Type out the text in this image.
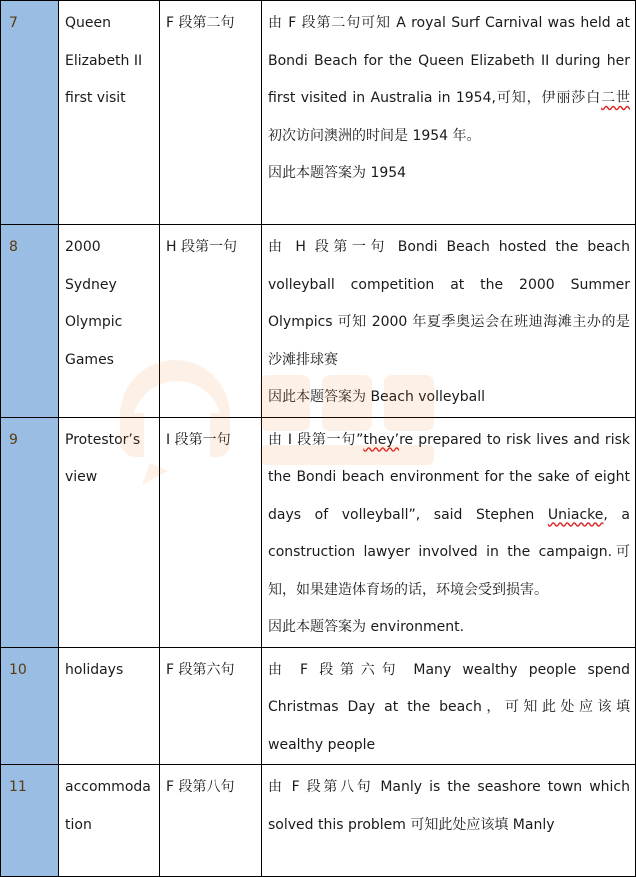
7	Queen Elizabeth II first visit	F 段第二句	由 F 段第二句可知 A royal Surf Carnival was held at Bondi Beach for the Queen Elizabeth II during her first visited in Australia in 1954,可知，伊丽莎白二世初次访问澳洲的时间是 1954 年。
因此本题答案为 1954

8	2000 Sydney Olympic Games	H 段第一句	由 H 段第一句 Bondi Beach hosted the beach volleyball competition at the 2000 Summer Olympics 可知 2000 年夏季奥运会在班迪海滩主办的是沙滩排球赛
因此本题答案为 Beach volleyball

9	Protestor’s view	I 段第一句	由 I 段第一句”they’re prepared to risk lives and risk the Bondi beach environment for the sake of eight days of volleyball”, said Stephen Uniacke, a construction lawyer involved in the campaign.可知，如果建造体育场的话，环境会受到损害。
因此本题答案为 environment.

10	holidays	F 段第六句	由 F 段第六句 Many wealthy people spend Christmas Day at the beach，可知此处应该填 wealthy people

11	accommodation	F 段第八句	由 F 段第八句 Manly is the seashore town which solved this problem 可知此处应该填 Manly
